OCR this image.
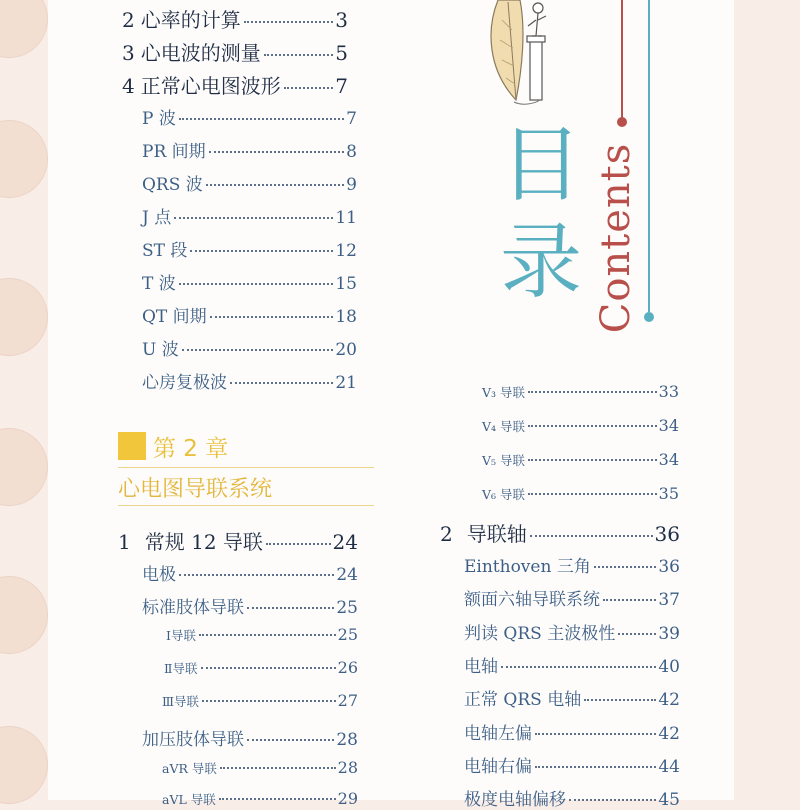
目
录 Contents
2 心率的计算	3
3 心电波的测量	5
4 正常心电图波形	7
P 波	7
PR 间期	8
QRS 波	9
J 点	11
ST 段	12
T 波	15
QT 间期	18
U 波	20
心房复极波	21
第 2 章
心电图导联系统
1 常规 12 导联	24
电极	24
标准肢体导联	25
Ⅰ导联	25
Ⅱ导联	26
Ⅲ导联	27
加压肢体导联	28
aVR 导联	28
aVL 导联	29
V₃ 导联	33
V₄ 导联	34
V₅ 导联	34
V₆ 导联	35
2 导联轴	36
Einthoven 三角	36
额面六轴导联系统	37
判读 QRS 主波极性	39
电轴	40
正常 QRS 电轴	42
电轴左偏	42
电轴右偏	44
极度电轴偏移	45
